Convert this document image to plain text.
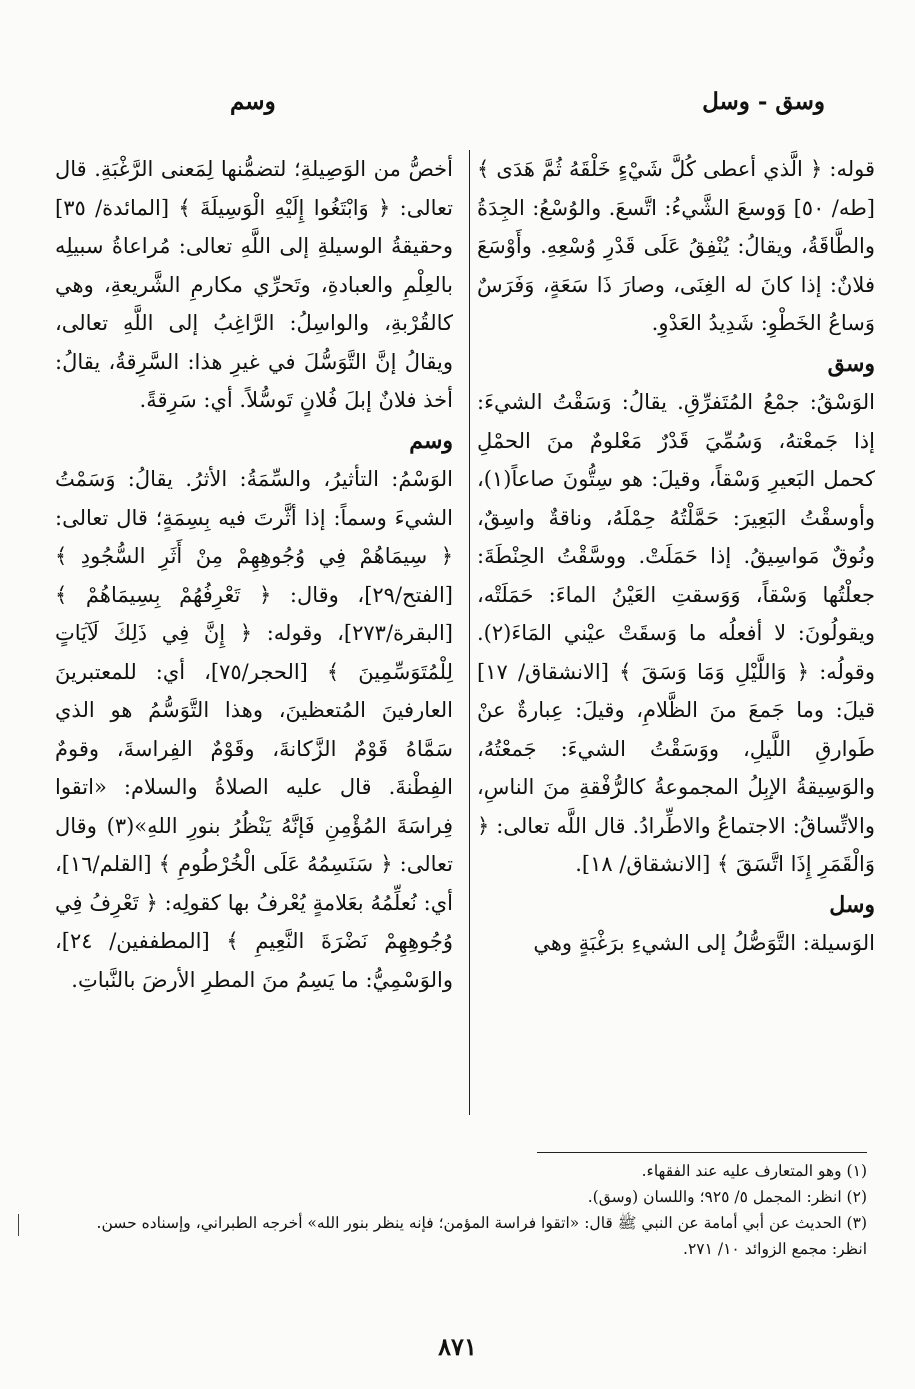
وسق - وسل
وسم

قوله: ﴿ الَّذي أعطى كُلَّ شَيْءٍ خَلْقَهُ ثُمَّ هَدَى ﴾ [طه/ ٥٠] وَوسعَ الشَّيءُ: اتَّسعَ. والوُسْعُ: الجِدَةُ والطَّاقَةُ، ويقالُ: يُنْفِقُ عَلَى قَدْرِ وُسْعِهِ. وأَوْسَعَ فلانٌ: إذا كانَ له الغِنَى، وصارَ ذَا سَعَةٍ، وَفَرَسٌ وَساعُ الخَطْوِ: شَدِيدُ العَدْوِ.

وسق

الوَسْقُ: جمْعُ المُتَفرِّقِ. يقالُ: وَسَقْتُ الشيءَ: إذا جَمعْتهُ، وَسُمِّيَ قَدْرٌ مَعْلومٌ منَ الحمْلِ كحمل البَعيرِ وَسْقاً، وقيلَ: هو سِتُّونَ صاعاً(١)، وأوسقْتُ البَعِيرَ: حَمَّلْتُهُ حِمْلَهُ، وناقةٌ واسِقٌ، ونُوقٌ مَواسِيقُ. إذا حَمَلَتْ. ووسَّقْتُ الحِنْطَةَ: جعلْتُها وَسْقاً، وَوَسقتِ العَيْنُ الماءَ: حَمَلَتْه، ويقولُونَ: لا أفعلُه ما وَسقَتْ عيْني المَاءَ(٢). وقولُه: ﴿ وَاللَّيْلِ وَمَا وَسَقَ ﴾ [الانشقاق/ ١٧] قيلَ: وما جَمعَ منَ الظَّلامِ، وقيلَ: عِبارةٌ عنْ طَوارقِ اللَّيلِ، ووَسَقْتُ الشيءَ: جَمعْتُهُ، والوَسِيقةُ الإبِلُ المجموعةُ كالرُّفْقةِ منَ الناسِ، والاتِّساقُ: الاجتماعُ والاطِّرادُ. قال اللَّه تعالى: ﴿ وَالْقَمَرِ إِذَا اتَّسَقَ ﴾ [الانشقاق/ ١٨].

وسل

الوَسيلة: التَّوَصُّلُ إلى الشيءِ برَغْبَةٍ وهي

أخصُّ من الوَصِيلةِ؛ لتضمُّنها لِمَعنى الرَّغْبَةِ. قال تعالى: ﴿ وَابْتَغُوا إِلَيْهِ الْوَسِيلَةَ ﴾ [المائدة/ ٣٥] وحقيقةُ الوسيلةِ إلى اللَّهِ تعالى: مُراعاةُ سبيلِه بالعِلْمِ والعبادةِ، وتَحرِّي مكارمِ الشَّريعةِ، وهي كالقُرْبةِ، والواسِلُ: الرَّاغِبُ إلى اللَّهِ تعالى، ويقالُ إنَّ التَّوَسُّلَ في غيرِ هذا: السَّرِقةُ، يقالُ: أخذ فلانٌ إبلَ فُلانٍ تَوسُّلاً. أي: سَرِقةً.

وسم

الوَسْمُ: التأثيرُ، والسِّمَةُ: الأثرُ. يقالُ: وَسَمْتُ الشيءَ وسماً: إذا أثَّرتَ فيه بِسِمَةٍ؛ قال تعالى: ﴿ سِيمَاهُمْ فِي وُجُوهِهِمْ مِنْ أَثَرِ السُّجُودِ ﴾ [الفتح/٢٩]، وقال: ﴿ تَعْرِفُهُمْ بِسِيمَاهُمْ ﴾ [البقرة/٢٧٣]، وقوله: ﴿ إِنَّ فِي ذَلِكَ لَآيَاتٍ لِلْمُتَوَسِّمِينَ ﴾ [الحجر/٧٥]، أي: للمعتبرينَ العارفينَ المُتعظينَ، وهذا التَّوَسُّمُ هو الذي سَمَّاهُ قَوْمٌ الزَّكانةَ، وقَوْمٌ الفِراسةَ، وقومٌ الفِطْنةَ. قال عليه الصلاةُ والسلام: «اتقوا فِراسَةَ المُؤْمِنِ فَإنَّهُ يَنْظُرُ بنورِ اللهِ»(٣) وقال تعالى: ﴿ سَنَسِمُهُ عَلَى الْخُرْطُومِ ﴾ [القلم/١٦]، أي: نُعلِّمُهُ بعَلامةٍ يُعْرفُ بها كقولِه: ﴿ تَعْرِفُ فِي وُجُوهِهِمْ نَضْرَةَ النَّعِيمِ ﴾ [المطففين/ ٢٤]، والوَسْمِيُّ: ما يَسِمُ منَ المطرِ الأرضَ بالنَّباتِ.

(١) وهو المتعارف عليه عند الفقهاء.

(٢) انظر: المجمل ٥/ ٩٢٥؛ واللسان (وسق).

(٣) الحديث عن أبي أمامة عن النبي ﷺ قال: «اتقوا فراسة المؤمن؛ فإنه ينظر بنور الله» أخرجه الطبراني، وإسناده حسن. انظر: مجمع الزوائد ١٠/ ٢٧١.

٨٧١
